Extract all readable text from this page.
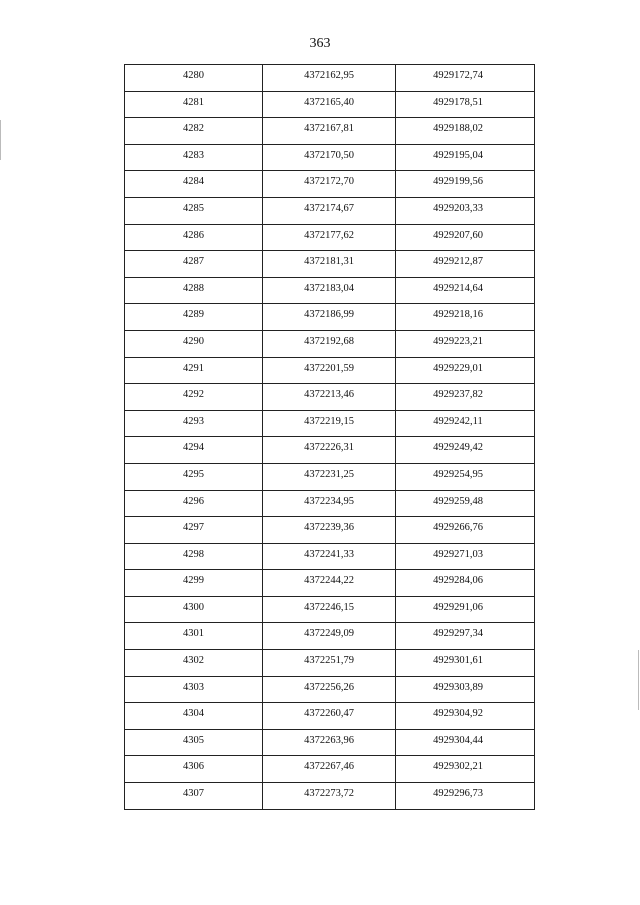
363
4280	4372162,95	4929172,74
4281	4372165,40	4929178,51
4282	4372167,81	4929188,02
4283	4372170,50	4929195,04
4284	4372172,70	4929199,56
4285	4372174,67	4929203,33
4286	4372177,62	4929207,60
4287	4372181,31	4929212,87
4288	4372183,04	4929214,64
4289	4372186,99	4929218,16
4290	4372192,68	4929223,21
4291	4372201,59	4929229,01
4292	4372213,46	4929237,82
4293	4372219,15	4929242,11
4294	4372226,31	4929249,42
4295	4372231,25	4929254,95
4296	4372234,95	4929259,48
4297	4372239,36	4929266,76
4298	4372241,33	4929271,03
4299	4372244,22	4929284,06
4300	4372246,15	4929291,06
4301	4372249,09	4929297,34
4302	4372251,79	4929301,61
4303	4372256,26	4929303,89
4304	4372260,47	4929304,92
4305	4372263,96	4929304,44
4306	4372267,46	4929302,21
4307	4372273,72	4929296,73
